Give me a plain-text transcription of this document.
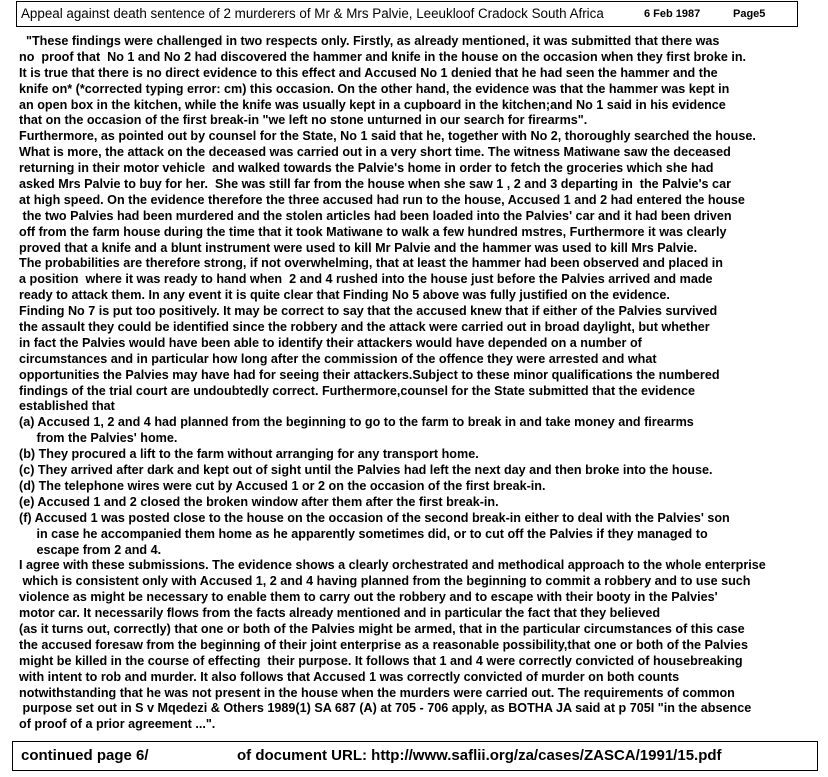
Appeal against death sentence of 2 murderers of Mr & Mrs Palvie, Leeukloof Cradock South Africa	6 Feb 1987	Page5
"These findings were challenged in two respects only. Firstly, as already mentioned, it was submitted that there was
no  proof that  No 1 and No 2 had discovered the hammer and knife in the house on the occasion when they first broke in.
It is true that there is no direct evidence to this effect and Accused No 1 denied that he had seen the hammer and the
knife on* (*corrected typing error: cm) this occasion. On the other hand, the evidence was that the hammer was kept in
an open box in the kitchen, while the knife was usually kept in a cupboard in the kitchen;and No 1 said in his evidence
that on the occasion of the first break-in "we left no stone unturned in our search for firearms".
Furthermore, as pointed out by counsel for the State, No 1 said that he, together with No 2, thoroughly searched the house.
What is more, the attack on the deceased was carried out in a very short time. The witness Matiwane saw the deceased
returning in their motor vehicle  and walked towards the Palvie's home in order to fetch the groceries which she had
asked Mrs Palvie to buy for her.  She was still far from the house when she saw 1 , 2 and 3 departing in  the Palvie's car
at high speed. On the evidence therefore the three accused had run to the house, Accused 1 and 2 had entered the house
the two Palvies had been murdered and the stolen articles had been loaded into the Palvies' car and it had been driven
off from the farm house during the time that it took Matiwane to walk a few hundred mstres, Furthermore it was clearly
proved that a knife and a blunt instrument were used to kill Mr Palvie and the hammer was used to kill Mrs Palvie.
The probabilities are therefore strong, if not overwhelming, that at least the hammer had been observed and placed in
a position  where it was ready to hand when  2 and 4 rushed into the house just before the Palvies arrived and made
ready to attack them. In any event it is quite clear that Finding No 5 above was fully justified on the evidence.
Finding No 7 is put too positively. It may be correct to say that the accused knew that if either of the Palvies survived
the assault they could be identified since the robbery and the attack were carried out in broad daylight, but whether
in fact the Palvies would have been able to identify their attackers would have depended on a number of
circumstances and in particular how long after the commission of the offence they were arrested and what
opportunities the Palvies may have had for seeing their attackers.Subject to these minor qualifications the numbered
findings of the trial court are undoubtedly correct. Furthermore,counsel for the State submitted that the evidence
established that
(a) Accused 1, 2 and 4 had planned from the beginning to go to the farm to break in and take money and firearms
from the Palvies' home.
(b) They procured a lift to the farm without arranging for any transport home.
(c) They arrived after dark and kept out of sight until the Palvies had left the next day and then broke into the house.
(d) The telephone wires were cut by Accused 1 or 2 on the occasion of the first break-in.
(e) Accused 1 and 2 closed the broken window after them after the first break-in.
(f) Accused 1 was posted close to the house on the occasion of the second break-in either to deal with the Palvies' son
in case he accompanied them home as he apparently sometimes did, or to cut off the Palvies if they managed to
escape from 2 and 4.
I agree with these submissions. The evidence shows a clearly orchestrated and methodical approach to the whole enterprise
which is consistent only with Accused 1, 2 and 4 having planned from the beginning to commit a robbery and to use such
violence as might be necessary to enable them to carry out the robbery and to escape with their booty in the Palvies'
motor car. It necessarily flows from the facts already mentioned and in particular the fact that they believed
(as it turns out, correctly) that one or both of the Palvies might be armed, that in the particular circumstances of this case
the accused foresaw from the beginning of their joint enterprise as a reasonable possibility,that one or both of the Palvies
might be killed in the course of effecting  their purpose. It follows that 1 and 4 were correctly convicted of housebreaking
with intent to rob and murder. It also follows that Accused 1 was correctly convicted of murder on both counts
notwithstanding that he was not present in the house when the murders were carried out. The requirements of common
purpose set out in S v Mqedezi & Others 1989(1) SA 687 (A) at 705 - 706 apply, as BOTHA JA said at p 705I "in the absence
of proof of a prior agreement ...".
continued page 6/	of document URL: http://www.saflii.org/za/cases/ZASCA/1991/15.pdf
